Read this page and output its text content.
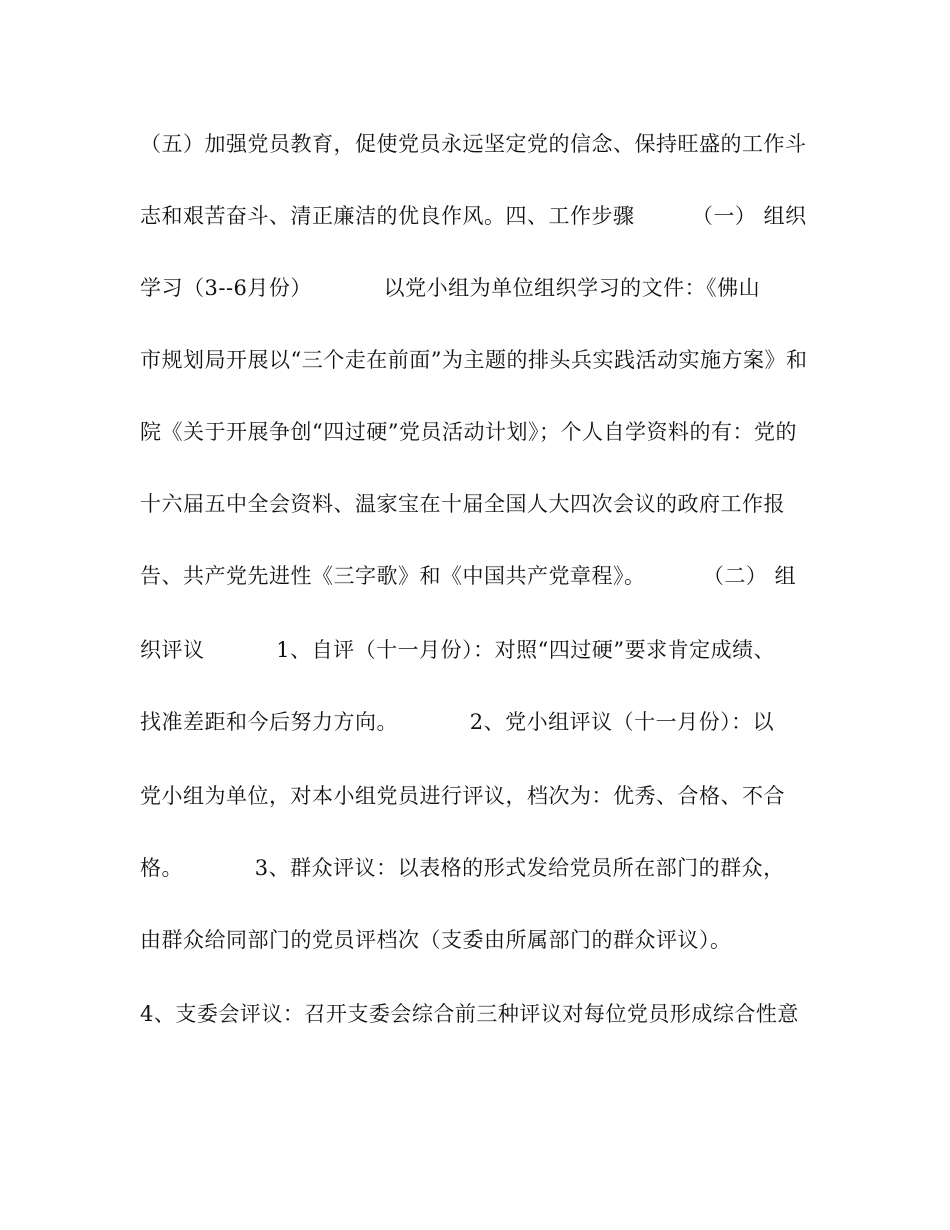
（五）加强党员教育，促使党员永远坚定党的信念、保持旺盛的工作斗
志和艰苦奋斗、清正廉洁的优良作风。四、工作步骤        （一） 组织
学习（3--6月份）          以党小组为单位组织学习的文件：《佛山
市规划局开展以“三个走在前面”为主题的排头兵实践活动实施方案》和
院《关于开展争创“四过硬”党员活动计划》；个人自学资料的有：党的
十六届五中全会资料、温家宝在十届全国人大四次会议的政府工作报
告、共产党先进性《三字歌》和《中国共产党章程》。        （二） 组
织评议          1、自评（十一月份）：对照“四过硬”要求肯定成绩、
找准差距和今后努力方向。          2、党小组评议（十一月份）：以
党小组为单位，对本小组党员进行评议，档次为：优秀、合格、不合
格。          3、群众评议：以表格的形式发给党员所在部门的群众，
由群众给同部门的党员评档次（支委由所属部门的群众评议）。
4、支委会评议：召开支委会综合前三种评议对每位党员形成综合性意
